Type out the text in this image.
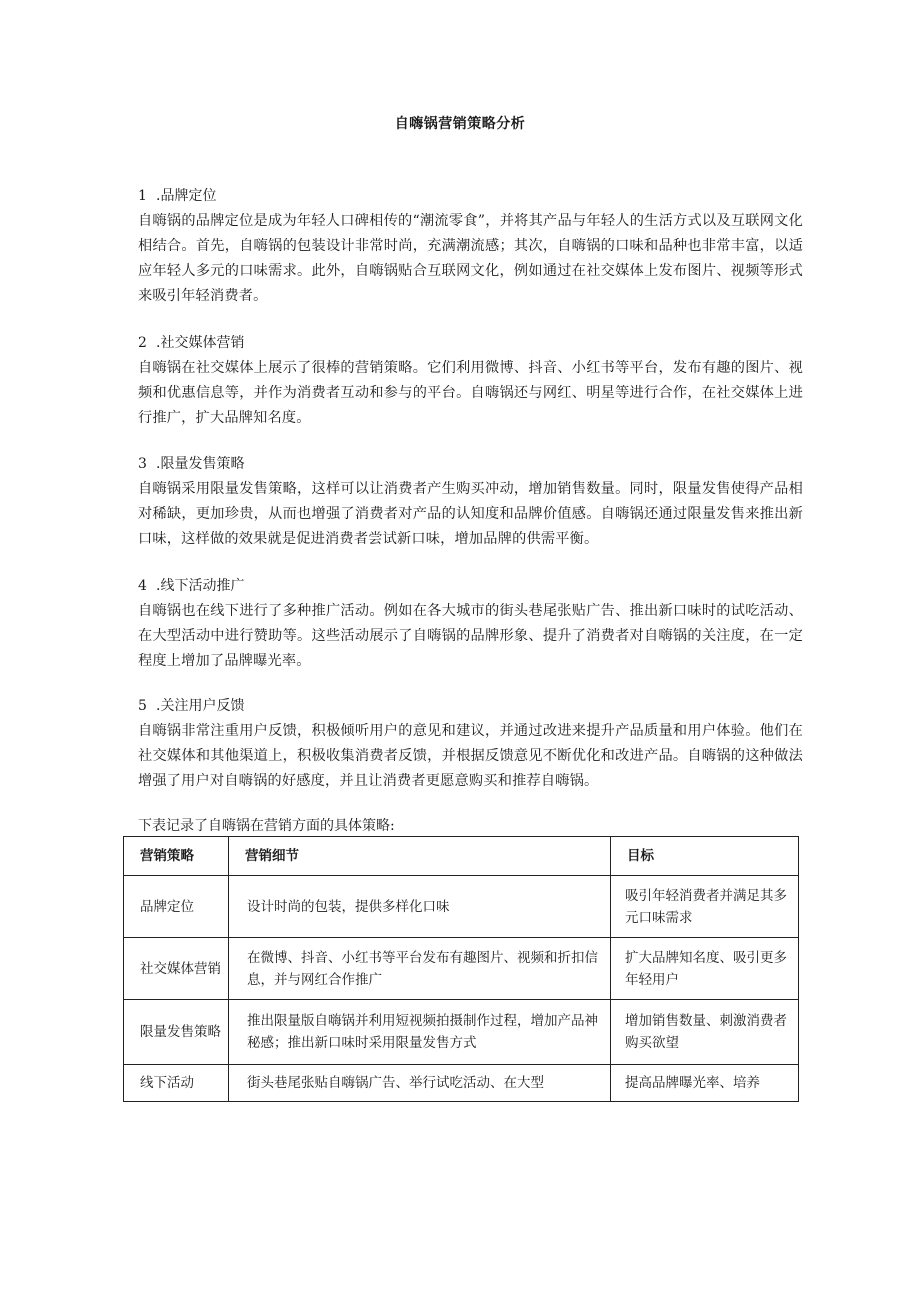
自嗨锅营销策略分析
1 .品牌定位
自嗨锅的品牌定位是成为年轻人口碑相传的“潮流零食”，并将其产品与年轻人的生活方式以及互联网文化相结合。首先，自嗨锅的包装设计非常时尚，充满潮流感；其次，自嗨锅的口味和品种也非常丰富，以适应年轻人多元的口味需求。此外，自嗨锅贴合互联网文化，例如通过在社交媒体上发布图片、视频等形式来吸引年轻消费者。
2 .社交媒体营销
自嗨锅在社交媒体上展示了很棒的营销策略。它们利用微博、抖音、小红书等平台，发布有趣的图片、视频和优惠信息等，并作为消费者互动和参与的平台。自嗨锅还与网红、明星等进行合作，在社交媒体上进行推广，扩大品牌知名度。
3 .限量发售策略
自嗨锅采用限量发售策略，这样可以让消费者产生购买冲动，增加销售数量。同时，限量发售使得产品相对稀缺，更加珍贵，从而也增强了消费者对产品的认知度和品牌价值感。自嗨锅还通过限量发售来推出新口味，这样做的效果就是促进消费者尝试新口味，增加品牌的供需平衡。
4 .线下活动推广
自嗨锅也在线下进行了多种推广活动。例如在各大城市的街头巷尾张贴广告、推出新口味时的试吃活动、在大型活动中进行赞助等。这些活动展示了自嗨锅的品牌形象、提升了消费者对自嗨锅的关注度，在一定程度上增加了品牌曝光率。
5 .关注用户反馈
自嗨锅非常注重用户反馈，积极倾听用户的意见和建议，并通过改进来提升产品质量和用户体验。他们在社交媒体和其他渠道上，积极收集消费者反馈，并根据反馈意见不断优化和改进产品。自嗨锅的这种做法增强了用户对自嗨锅的好感度，并且让消费者更愿意购买和推荐自嗨锅。
下表记录了自嗨锅在营销方面的具体策略:
营销策略	营销细节	目标
品牌定位	设计时尚的包装，提供多样化口味	吸引年轻消费者并满足其多元口味需求
社交媒体营销	在微博、抖音、小红书等平台发布有趣图片、视频和折扣信息，并与网红合作推广	扩大品牌知名度、吸引更多年轻用户
限量发售策略	推出限量版自嗨锅并利用短视频拍摄制作过程，增加产品神秘感；推出新口味时采用限量发售方式	增加销售数量、刺激消费者购买欲望
线下活动	街头巷尾张贴自嗨锅广告、举行试吃活动、在大型	提高品牌曝光率、培养
